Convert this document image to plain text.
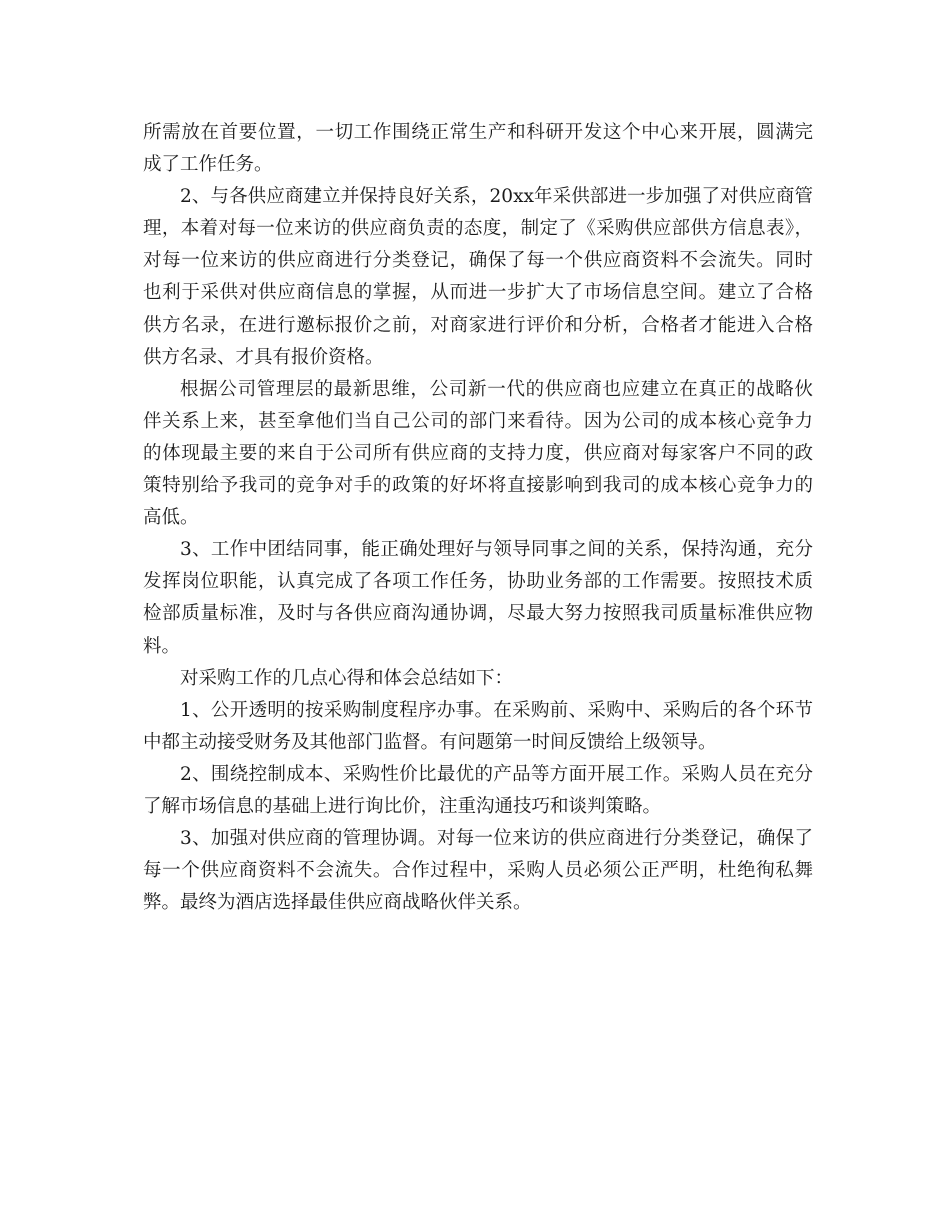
所需放在首要位置，一切工作围绕正常生产和科研开发这个中心来开展，圆满完
成了工作任务。
2、与各供应商建立并保持良好关系，20xx年采供部进一步加强了对供应商管
理，本着对每一位来访的供应商负责的态度，制定了《采购供应部供方信息表》，
对每一位来访的供应商进行分类登记，确保了每一个供应商资料不会流失。同时
也利于采供对供应商信息的掌握，从而进一步扩大了市场信息空间。建立了合格
供方名录，在进行邀标报价之前，对商家进行评价和分析，合格者才能进入合格
供方名录、才具有报价资格。
根据公司管理层的最新思维，公司新一代的供应商也应建立在真正的战略伙
伴关系上来，甚至拿他们当自己公司的部门来看待。因为公司的成本核心竞争力
的体现最主要的来自于公司所有供应商的支持力度，供应商对每家客户不同的政
策特别给予我司的竞争对手的政策的好坏将直接影响到我司的成本核心竞争力的
高低。
3、工作中团结同事，能正确处理好与领导同事之间的关系，保持沟通，充分
发挥岗位职能，认真完成了各项工作任务，协助业务部的工作需要。按照技术质
检部质量标准，及时与各供应商沟通协调，尽最大努力按照我司质量标准供应物
料。
对采购工作的几点心得和体会总结如下：
1、公开透明的按采购制度程序办事。在采购前、采购中、采购后的各个环节
中都主动接受财务及其他部门监督。有问题第一时间反馈给上级领导。
2、围绕控制成本、采购性价比最优的产品等方面开展工作。采购人员在充分
了解市场信息的基础上进行询比价，注重沟通技巧和谈判策略。
3、加强对供应商的管理协调。对每一位来访的供应商进行分类登记，确保了
每一个供应商资料不会流失。合作过程中，采购人员必须公正严明，杜绝徇私舞
弊。最终为酒店选择最佳供应商战略伙伴关系。
